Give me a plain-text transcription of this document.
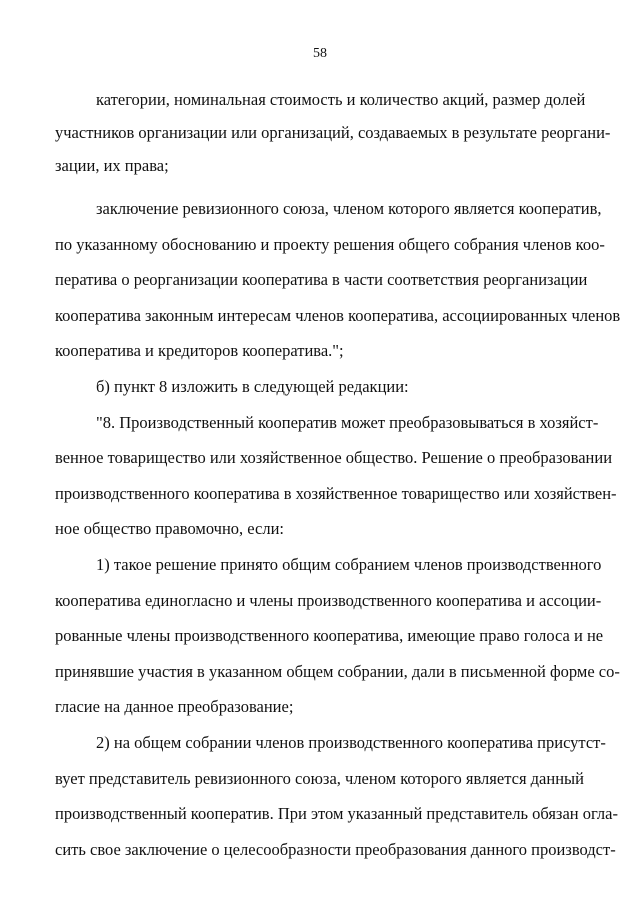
58
категории, номинальная стоимость и количество акций, размер долей
участников организации или организаций, создаваемых в результате реоргани-
зации, их права;
заключение ревизионного союза, членом которого является кооператив,
по указанному обоснованию и проекту решения общего собрания членов коо-
ператива о реорганизации кооператива в части соответствия реорганизации
кооператива законным интересам членов кооператива, ассоциированных членов
кооператива и кредиторов кооператива.";
б) пункт 8 изложить в следующей редакции:
"8. Производственный кооператив может преобразовываться в хозяйст-
венное товарищество или хозяйственное общество. Решение о преобразовании
производственного кооператива в хозяйственное товарищество или хозяйствен-
ное общество правомочно, если:
1) такое решение принято общим собранием членов производственного
кооператива единогласно и члены производственного кооператива и ассоции-
рованные члены производственного кооператива, имеющие право голоса и не
принявшие участия в указанном общем собрании, дали в письменной форме со-
гласие на данное преобразование;
2) на общем собрании членов производственного кооператива присутст-
вует представитель ревизионного союза, членом которого является данный
производственный кооператив. При этом указанный представитель обязан огла-
сить свое заключение о целесообразности преобразования данного производст-
